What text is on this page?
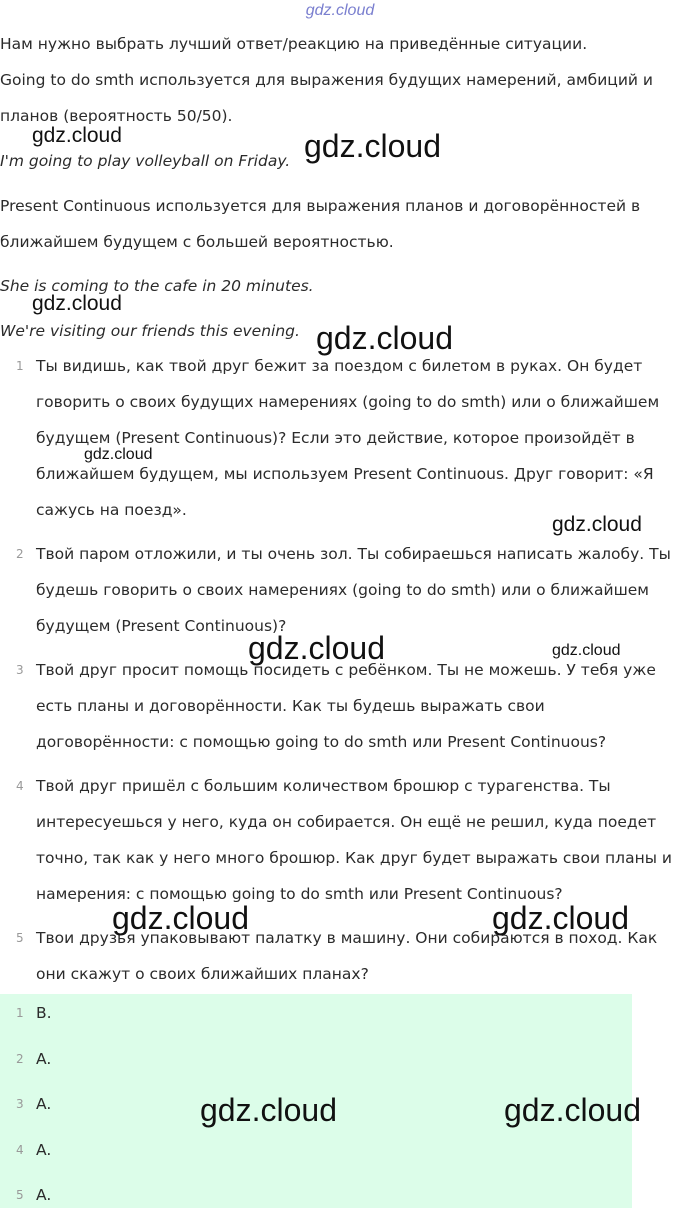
gdz.cloud

Нам нужно выбрать лучший ответ/реакцию на приведённые ситуации.

Going to do smth используется для выражения будущих намерений, амбиций и планов (вероятность 50/50).

I'm going to play volleyball on Friday.

Present Continuous используется для выражения планов и договорённостей в ближайшем будущем с большей вероятностью.

She is coming to the cafe in 20 minutes.

We're visiting our friends this evening.

1 Ты видишь, как твой друг бежит за поездом с билетом в руках. Он будет говорить о своих будущих намерениях (going to do smth) или о ближайшем будущем (Present Continuous)? Если это действие, которое произойдёт в ближайшем будущем, мы используем Present Continuous. Друг говорит: «Я сажусь на поезд».
2 Твой паром отложили, и ты очень зол. Ты собираешься написать жалобу. Ты будешь говорить о своих намерениях (going to do smth) или о ближайшем будущем (Present Continuous)?
3 Твой друг просит помощь посидеть с ребёнком. Ты не можешь. У тебя уже есть планы и договорённости. Как ты будешь выражать свои договорённости: с помощью going to do smth или Present Continuous?
4 Твой друг пришёл с большим количеством брошюр с турагенства. Ты интересуешься у него, куда он собирается. Он ещё не решил, куда поедет точно, так как у него много брошюр. Как друг будет выражать свои планы и намерения: с помощью going to do smth или Present Continuous?
5 Твои друзья упаковывают палатку в машину. Они собираются в поход. Как они скажут о своих ближайших планах?
1 B.
2 A.
3 A.
4 A.
5 A.
gdz.cloud	gdz.cloud
gdz.cloud
gdz.cloud
gdz.cloud
gdz.cloud
gdz.cloud	gdz.cloud
gdz.cloud	gdz.cloud
gdz.cloud	gdz.cloud
